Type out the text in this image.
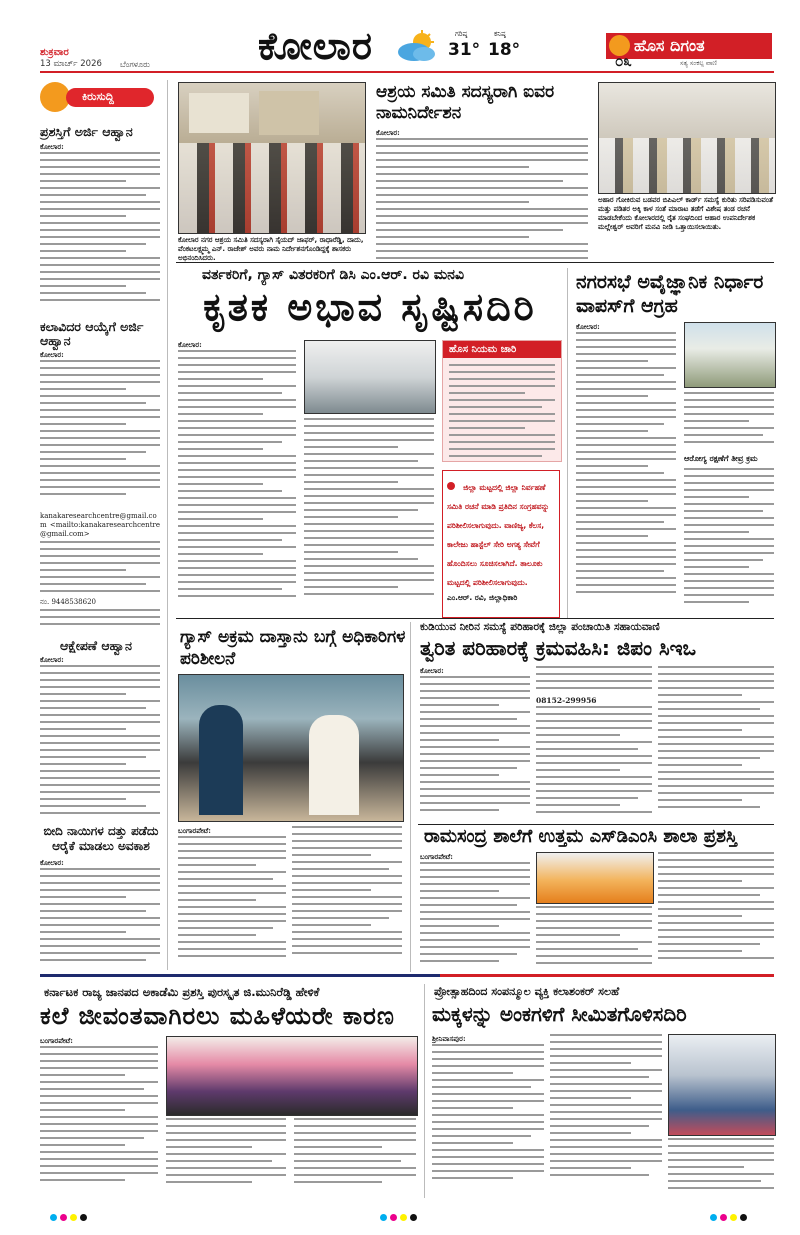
ಶುಕ್ರವಾರ
13 ಮಾರ್ಚ್ 2026 ಬೆಂಗಳೂರು	ಕೋಲಾರ	ಗರಿಷ್ಠ
31°
ಕನಿಷ್ಠ
18°	ಹೊಸ ದಿಗಂತ
ಸತ್ಯ ಸಂಕಲ್ಪ ವಾಣಿ
೦೩
ಕಿರುಸುದ್ದಿ
ಪ್ರಶಸ್ತಿಗೆ ಅರ್ಜಿ ಆಹ್ವಾನ
ಕೋಲಾರ:
ಕಲಾವಿದರ ಆಯ್ಕೆಗೆ ಅರ್ಜಿ ಆಹ್ವಾನ
ಕೋಲಾರ:
kanakaresearchcentre@gmail.com <mailto:kanakaresearchcentre@gmail.com>
ನಂ. 9448538620
ಆಕ್ಷೇಪಣೆ ಆಹ್ವಾನ
ಕೋಲಾರ:
ಬೀದಿ ನಾಯಿಗಳ ದತ್ತು ಪಡೆದು ಆರೈಕೆ ಮಾಡಲು ಅವಕಾಶ
ಕೋಲಾರ:
ಕೋಲಾರ ನಗರ ಆಶ್ರಯ ಸಮಿತಿ ಸದಸ್ಯರಾಗಿ ಸೈಯದ್ ಜಾಫರ್, ರಾಧಾರೆಡ್ಡಿ, ದಾದು, ವೆಂಕಟಲಕ್ಷ್ಮಮ್ಮ ಎನ್. ರಾಜೇಶ್ ಅವರು ನಾಮ ನಿರ್ದೇಶನಗೊಂಡಿದ್ದಕ್ಕೆ ಶಾಸಕರು ಅಭಿನಂದಿಸಿದರು.
ಆಶ್ರಯ ಸಮಿತಿ ಸದಸ್ಯರಾಗಿ ಐವರ ನಾಮನಿರ್ದೇಶನ
ಕೋಲಾರ:
ಅಹಾರ ಗೋಕಿರುವ ಬಡವರ ಬಿಪಿಎಲ್ ಕಾರ್ಡ್ ಸಮಸ್ಯೆ ಕುರಿತು ಸರಿಪಡಿಸುವಂತೆ ಮತ್ತು ಪಡಿತರ ಅಕ್ಕಿ ಕಾಳ ಸಂತೆ ಮಾರಾಟ ತಡೆಗೆ ವಿಶೇಷ ತಂಡ ರಚನೆ ಮಾಡಬೇಕೆಂದು ಕೋಲಾರದಲ್ಲಿ ರೈತ ಸಂಘದಿಂದ ಆಹಾರ ಉಪನಿರ್ದೇಶಕ ಮಲ್ಲೇಶ್ವರ್‌ ಅವರಿಗೆ ಮನವಿ ನೀಡಿ ಒತ್ತಾಯಿಸಲಾಯಿತು.
ವರ್ತಕರಿಗೆ, ಗ್ಯಾಸ್ ವಿತರಕರಿಗೆ ಡಿಸಿ ಎಂ.ಆರ್. ರವಿ ಮನವಿ
ಕೃತಕ ಅಭಾವ ಸೃಷ್ಟಿಸದಿರಿ
ಕೋಲಾರ:	ಹೊಸ ನಿಯಮ ಜಾರಿ
ಜಿಲ್ಲಾ ಮಟ್ಟದಲ್ಲಿ ಜಿಲ್ಲಾ ನಿರ್ವಹಣೆ ಸಮಿತಿ ರಚನೆ ಮಾಡಿ ಪ್ರತಿದಿನ ಸಂಗ್ರಹವನ್ನು ಪರಿಶೀಲಿಸಲಾಗುವುದು. ವಾಣಿಜ್ಯ, ಕೆಲಸ, ಕಾಲೇಜು ಹಾಸ್ಟೆಲ್ ಸೇರಿ ಅಗತ್ಯ ಸೇವೆಗೆ ಹೊಂದಿಸಲು ಸೂಚಿಸಲಾಗಿದೆ. ತಾಲೂಕು ಮಟ್ಟದಲ್ಲಿ ಪರಿಶೀಲಿಸಲಾಗುವುದು.
ಎಂ.ಆರ್. ರವಿ, ಜಿಲ್ಲಾಧಿಕಾರಿ
ನಗರಸಭೆ ಅವೈಜ್ಞಾನಿಕ ನಿರ್ಧಾರ ವಾಪಸ್‌ಗೆ ಆಗ್ರಹ
ಕೋಲಾರ:
ಆರೋಗ್ಯ ರಕ್ಷಣೆಗೆ ತೀವ್ರ ಕ್ರಮ
ಗ್ಯಾಸ್ ಅಕ್ರಮ ದಾಸ್ತಾನು ಬಗ್ಗೆ ಅಧಿಕಾರಿಗಳ ಪರಿಶೀಲನೆ
ಬಂಗಾರಪೇಟೆ:
ಕುಡಿಯುವ ನೀರಿನ ಸಮಸ್ಯೆ ಪರಿಹಾರಕ್ಕೆ ಜಿಲ್ಲಾ ಪಂಚಾಯಿತಿ ಸಹಾಯವಾಣಿ
ತ್ವರಿತ ಪರಿಹಾರಕ್ಕೆ ಕ್ರಮವಹಿಸಿ: ಜಿಪಂ ಸಿಇಒ
ಕೋಲಾರ:
08152-299956
ರಾಮಸಂದ್ರ ಶಾಲೆಗೆ ಉತ್ತಮ ಎಸ್‌ಡಿಎಂಸಿ ಶಾಲಾ ಪ್ರಶಸ್ತಿ
ಬಂಗಾರಪೇಟೆ:
ಕರ್ನಾಟಕ ರಾಜ್ಯ ಜಾನಪದ ಅಕಾಡೆಮಿ ಪ್ರಶಸ್ತಿ ಪುರಸ್ಕೃತ ಜಿ.ಮುನಿರೆಡ್ಡಿ ಹೇಳಿಕೆ
ಕಲೆ ಜೀವಂತವಾಗಿರಲು ಮಹಿಳೆಯರೇ ಕಾರಣ
ಬಂಗಾರಪೇಟೆ:
ಪ್ರೋತ್ಸಾಹದಿಂದ ಸಂಪನ್ಮೂಲ ವ್ಯಕ್ತಿ ಕಲಾಶಂಕರ್ ಸಲಹೆ
ಮಕ್ಕಳನ್ನು ಅಂಕಗಳಿಗೆ ಸೀಮಿತಗೊಳಿಸದಿರಿ
ಶ್ರೀನಿವಾಸಪುರ:
